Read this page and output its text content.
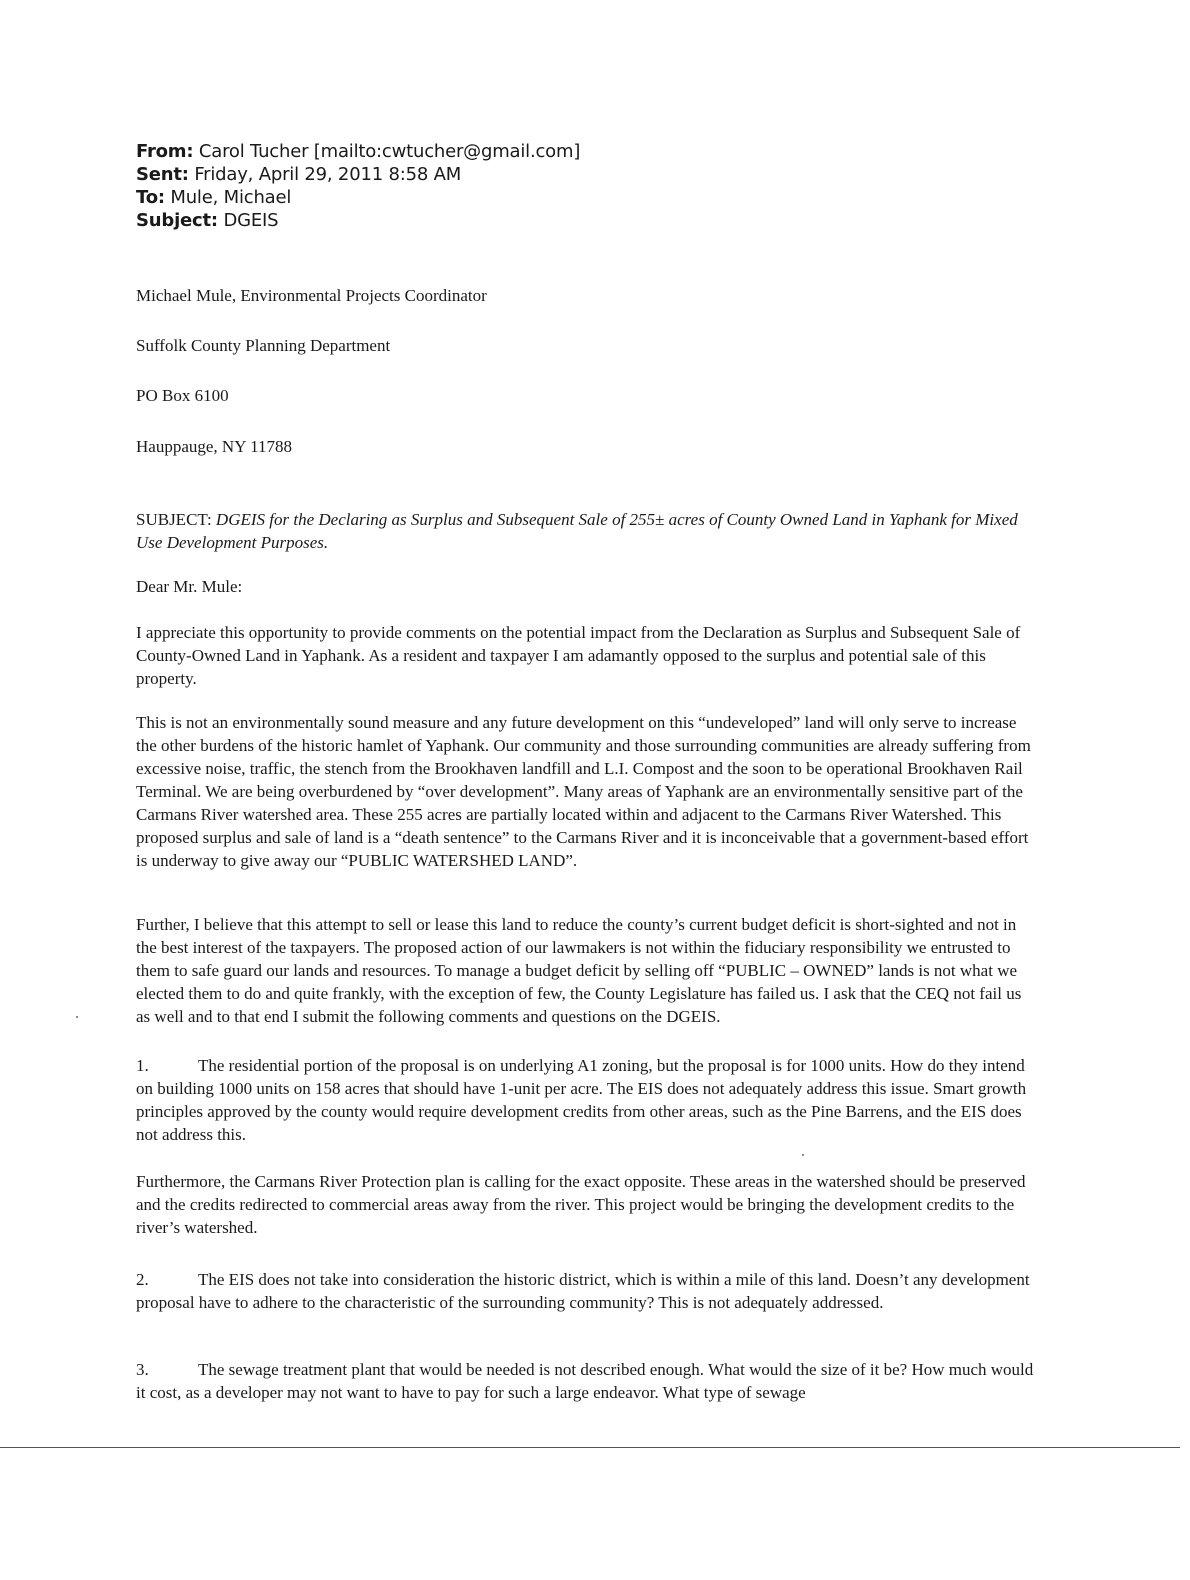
From: Carol Tucher [mailto:cwtucher@gmail.com]
Sent: Friday, April 29, 2011 8:58 AM
To: Mule, Michael
Subject: DGEIS
Michael Mule, Environmental Projects Coordinator
Suffolk County Planning Department
PO Box 6100
Hauppauge, NY 11788
SUBJECT: DGEIS for the Declaring as Surplus and Subsequent Sale of 255± acres of County Owned Land in Yaphank for Mixed Use Development Purposes.
Dear Mr. Mule:
I appreciate this opportunity to provide comments on the potential impact from the Declaration as Surplus and Subsequent Sale of County-Owned Land in Yaphank. As a resident and taxpayer I am adamantly opposed to the surplus and potential sale of this property.
This is not an environmentally sound measure and any future development on this “undeveloped” land will only serve to increase the other burdens of the historic hamlet of Yaphank. Our community and those surrounding communities are already suffering from excessive noise, traffic, the stench from the Brookhaven landfill and L.I. Compost and the soon to be operational Brookhaven Rail Terminal. We are being overburdened by “over development”. Many areas of Yaphank are an environmentally sensitive part of the Carmans River watershed area. These 255 acres are partially located within and adjacent to the Carmans River Watershed. This proposed surplus and sale of land is a “death sentence” to the Carmans River and it is inconceivable that a government-based effort is underway to give away our “PUBLIC WATERSHED LAND”.
Further, I believe that this attempt to sell or lease this land to reduce the county’s current budget deficit is short-sighted and not in the best interest of the taxpayers. The proposed action of our lawmakers is not within the fiduciary responsibility we entrusted to them to safe guard our lands and resources. To manage a budget deficit by selling off “PUBLIC – OWNED” lands is not what we elected them to do and quite frankly, with the exception of few, the County Legislature has failed us. I ask that the CEQ not fail us as well and to that end I submit the following comments and questions on the DGEIS.
1.	The residential portion of the proposal is on underlying A1 zoning, but the proposal is for 1000 units. How do they intend on building 1000 units on 158 acres that should have 1-unit per acre. The EIS does not adequately address this issue. Smart growth principles approved by the county would require development credits from other areas, such as the Pine Barrens, and the EIS does not address this.
Furthermore, the Carmans River Protection plan is calling for the exact opposite. These areas in the watershed should be preserved and the credits redirected to commercial areas away from the river. This project would be bringing the development credits to the river’s watershed.
2.	The EIS does not take into consideration the historic district, which is within a mile of this land. Doesn’t any development proposal have to adhere to the characteristic of the surrounding community? This is not adequately addressed.
3.	The sewage treatment plant that would be needed is not described enough. What would the size of it be? How much would it cost, as a developer may not want to have to pay for such a large endeavor. What type of sewage
